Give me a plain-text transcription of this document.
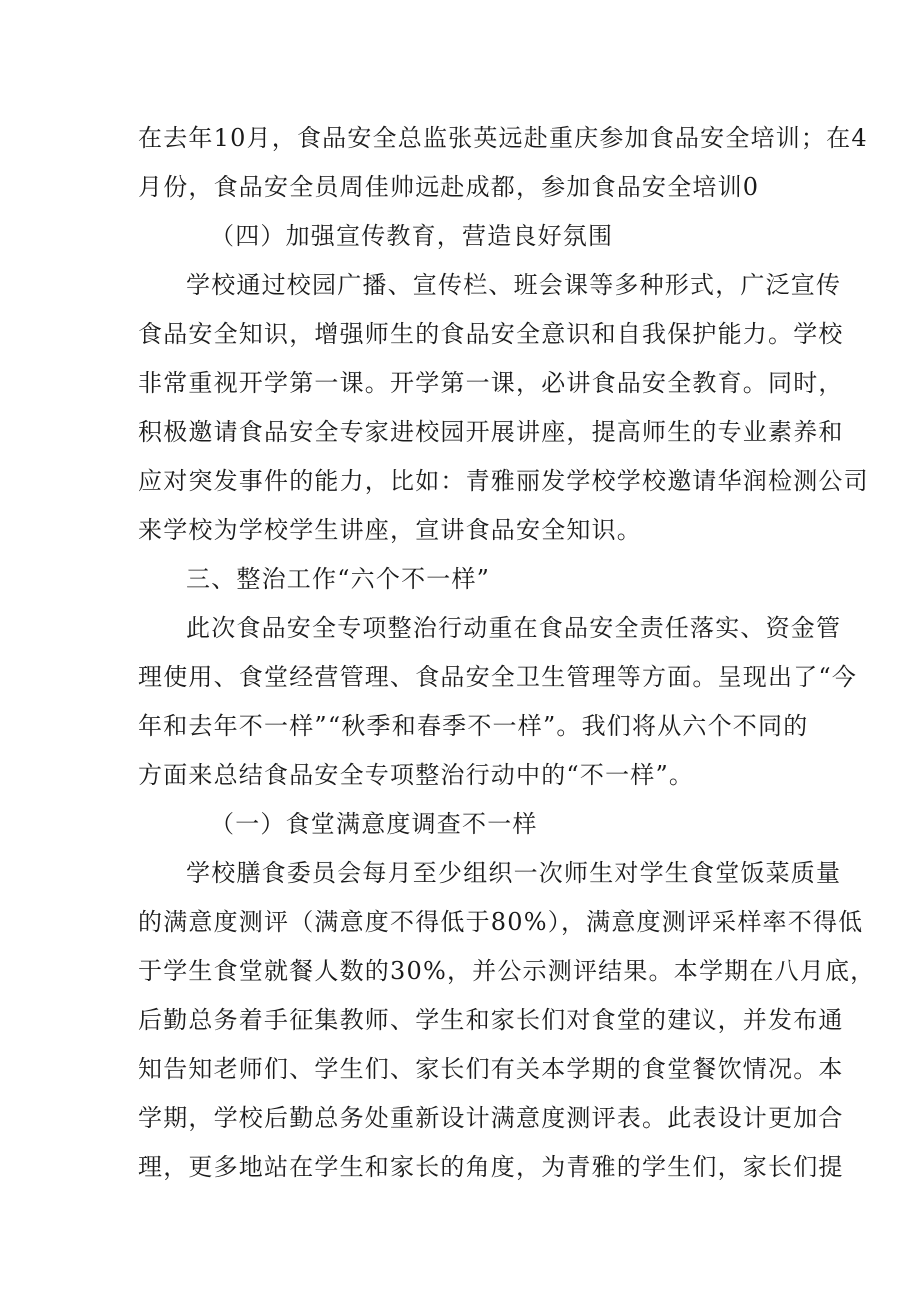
在去年10月，食品安全总监张英远赴重庆参加食品安全培训；在4
月份，食品安全员周佳帅远赴成都，参加食品安全培训0
（四）加强宣传教育，营造良好氛围
学校通过校园广播、宣传栏、班会课等多种形式，广泛宣传
食品安全知识，增强师生的食品安全意识和自我保护能力。学校
非常重视开学第一课。开学第一课，必讲食品安全教育。同时，
积极邀请食品安全专家进校园开展讲座，提高师生的专业素养和
应对突发事件的能力，比如：青雅丽发学校学校邀请华润检测公司
来学校为学校学生讲座，宣讲食品安全知识。
三、整治工作“六个不一样”
此次食品安全专项整治行动重在食品安全责任落实、资金管
理使用、食堂经营管理、食品安全卫生管理等方面。呈现出了“今
年和去年不一样”“秋季和春季不一样”。我们将从六个不同的
方面来总结食品安全专项整治行动中的“不一样”。
（一）食堂满意度调查不一样
学校膳食委员会每月至少组织一次师生对学生食堂饭菜质量
的满意度测评（满意度不得低于80%），满意度测评采样率不得低
于学生食堂就餐人数的30%，并公示测评结果。本学期在八月底，
后勤总务着手征集教师、学生和家长们对食堂的建议，并发布通
知告知老师们、学生们、家长们有关本学期的食堂餐饮情况。本
学期，学校后勤总务处重新设计满意度测评表。此表设计更加合
理，更多地站在学生和家长的角度，为青雅的学生们，家长们提
